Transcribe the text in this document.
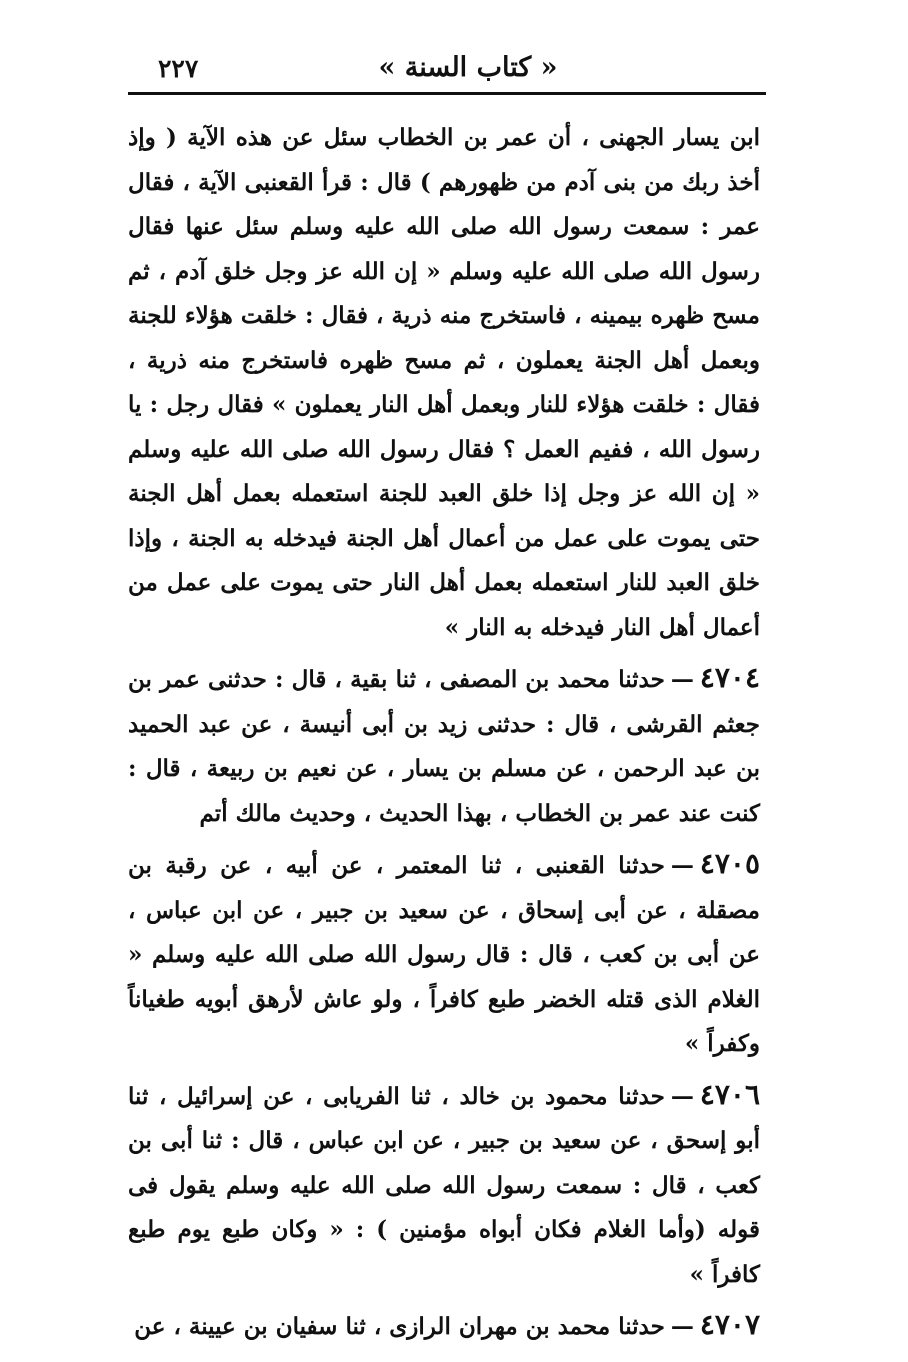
٢٢٧	« كتاب السنة »

ابن يسار الجهنى ، أن عمر بن الخطاب سئل عن هذه الآية ( وإذ أخذ ربك من بنى آدم من ظهورهم ) قال : قرأ القعنبى الآية ، فقال عمر : سمعت رسول الله صلى الله عليه وسلم سئل عنها فقال رسول الله صلى الله عليه وسلم « إن الله عز وجل خلق آدم ، ثم مسح ظهره بيمينه ، فاستخرج منه ذرية ، فقال : خلقت هؤلاء للجنة وبعمل أهل الجنة يعملون ، ثم مسح ظهره فاستخرج منه ذرية ، فقال : خلقت هؤلاء للنار وبعمل أهل النار يعملون » فقال رجل : يا رسول الله ، ففيم العمل ؟ فقال رسول الله صلى الله عليه وسلم « إن الله عز وجل إذا خلق العبد للجنة استعمله بعمل أهل الجنة حتى يموت على عمل من أعمال أهل الجنة فيدخله به الجنة ، وإذا خلق العبد للنار استعمله بعمل أهل النار حتى يموت على عمل من أعمال أهل النار فيدخله به النار »

٤٧٠٤—حدثنا محمد بن المصفى ، ثنا بقية ، قال : حدثنى عمر بن جعثم القرشى ، قال : حدثنى زيد بن أبى أنيسة ، عن عبد الحميد بن عبد الرحمن ، عن مسلم بن يسار ، عن نعيم بن ربيعة ، قال : كنت عند عمر بن الخطاب ، بهذا الحديث ، وحديث مالك أتم

٤٧٠٥—حدثنا القعنبى ، ثنا المعتمر ، عن أبيه ، عن رقبة بن مصقلة ، عن أبى إسحاق ، عن سعيد بن جبير ، عن ابن عباس ، عن أبى بن كعب ، قال : قال رسول الله صلى الله عليه وسلم « الغلام الذى قتله الخضر طبع كافراً ، ولو عاش لأرهق أبويه طغياناً وكفراً »

٤٧٠٦—حدثنا محمود بن خالد ، ثنا الفريابى ، عن إسرائيل ، ثنا أبو إسحق ، عن سعيد بن جبير ، عن ابن عباس ، قال : ثنا أبى بن كعب ، قال : سمعت رسول الله صلى الله عليه وسلم يقول فى قوله (وأما الغلام فكان أبواه مؤمنين ) : « وكان طبع يوم طبع كافراً »

٤٧٠٧—حدثنا محمد بن مهران الرازى ، ثنا سفيان بن عيينة ، عن
